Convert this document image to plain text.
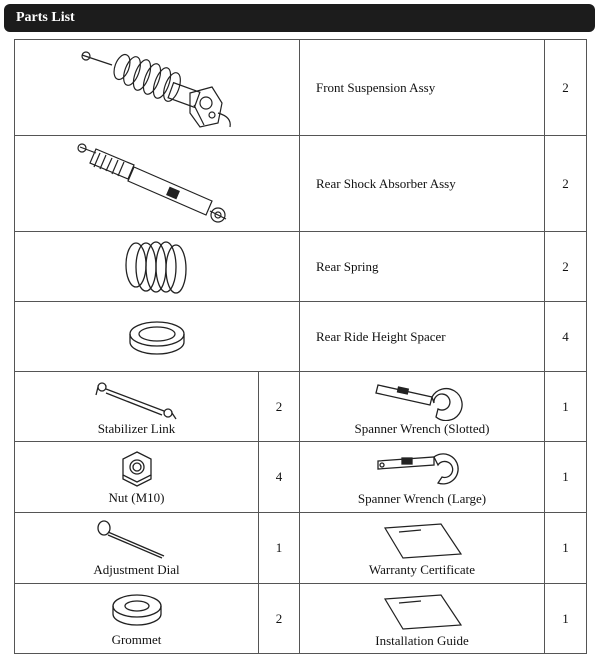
Parts List
	Front Suspension Assy	2

	Rear Shock Absorber Assy	2

	Rear Spring	2

	Rear Ride Height Spacer	4

Stabilizer Link	2	Spanner Wrench (Slotted)	1

Nut (M10)	4	Spanner Wrench (Large)	1

Adjustment Dial	1	Warranty Certificate	1

Grommet	2	Installation Guide	1
